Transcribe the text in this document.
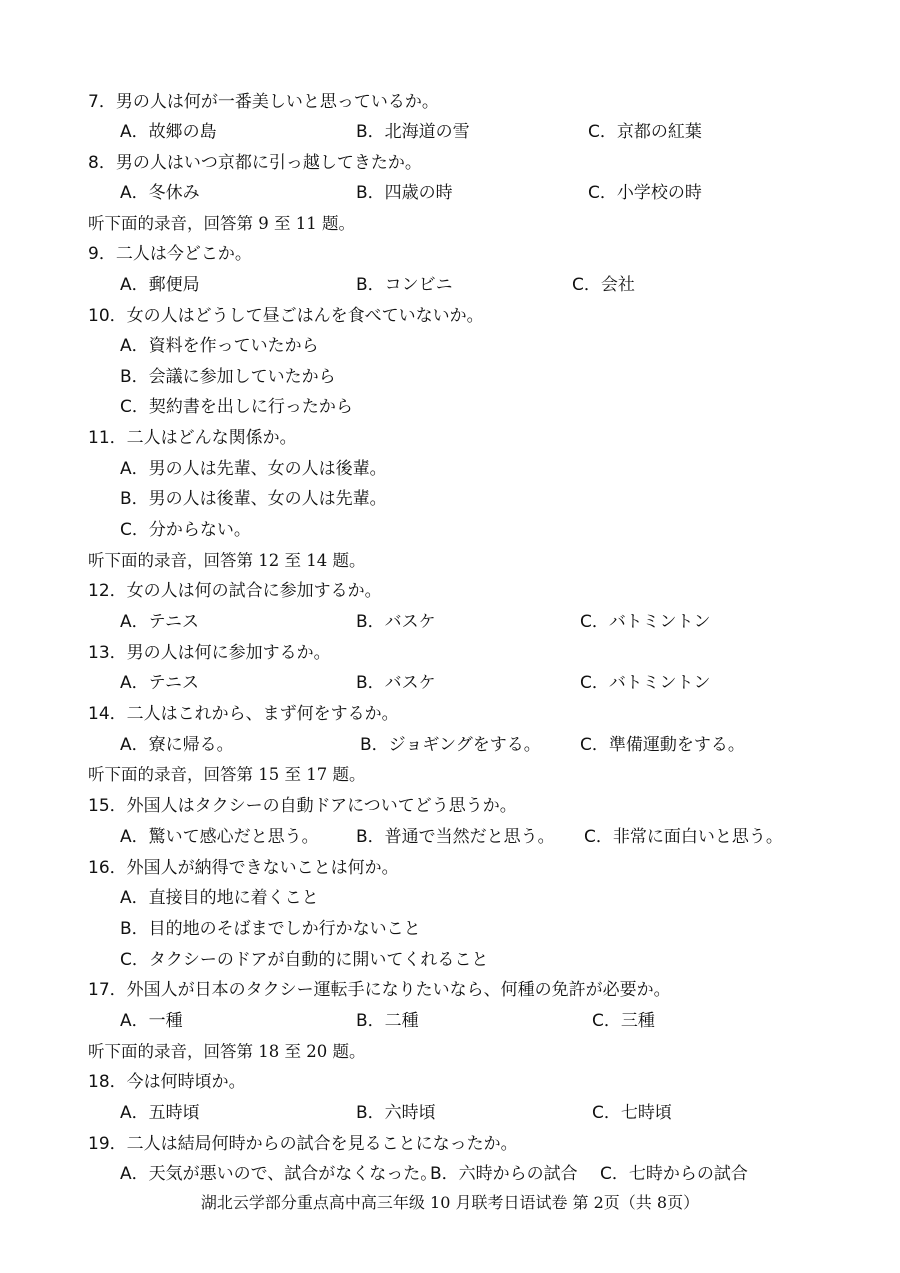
7．男の人は何が一番美しいと思っているか。
A．故郷の島	B．北海道の雪	C．京都の紅葉
8．男の人はいつ京都に引っ越してきたか。
A．冬休み	B．四歳の時	C．小学校の時
听下面的录音，回答第 9 至 11 题。
9．二人は今どこか。
A．郵便局	B．コンビニ	C．会社
10．女の人はどうして昼ごはんを食べていないか。
A．資料を作っていたから
B．会議に参加していたから
C．契約書を出しに行ったから
11．二人はどんな関係か。
A．男の人は先輩、女の人は後輩。
B．男の人は後輩、女の人は先輩。
C．分からない。
听下面的录音，回答第 12 至 14 题。
12．女の人は何の試合に参加するか。
A．テニス	B．バスケ	C．バトミントン
13．男の人は何に参加するか。
A．テニス	B．バスケ	C．バトミントン
14．二人はこれから、まず何をするか。
A．寮に帰る。	B．ジョギングをする。 C．準備運動をする。
听下面的录音，回答第 15 至 17 题。
15．外国人はタクシーの自動ドアについてどう思うか。
A．驚いて感心だと思う。 B．普通で当然だと思う。 C．非常に面白いと思う。
16．外国人が納得できないことは何か。
A．直接目的地に着くこと
B．目的地のそばまでしか行かないこと
C．タクシーのドアが自動的に開いてくれること
17．外国人が日本のタクシー運転手になりたいなら、何種の免許が必要か。
A．一種	B．二種	C．三種
听下面的录音，回答第 18 至 20 题。
18．今は何時頃か。
A．五時頃	B．六時頃	C．七時頃
19．二人は結局何時からの試合を見ることになったか。
A．天気が悪いので、試合がなくなった。
B．六時からの試合 C．七時からの試合
湖北云学部分重点高中高三年级 10 月联考日语试卷 第 2页（共 8页）
